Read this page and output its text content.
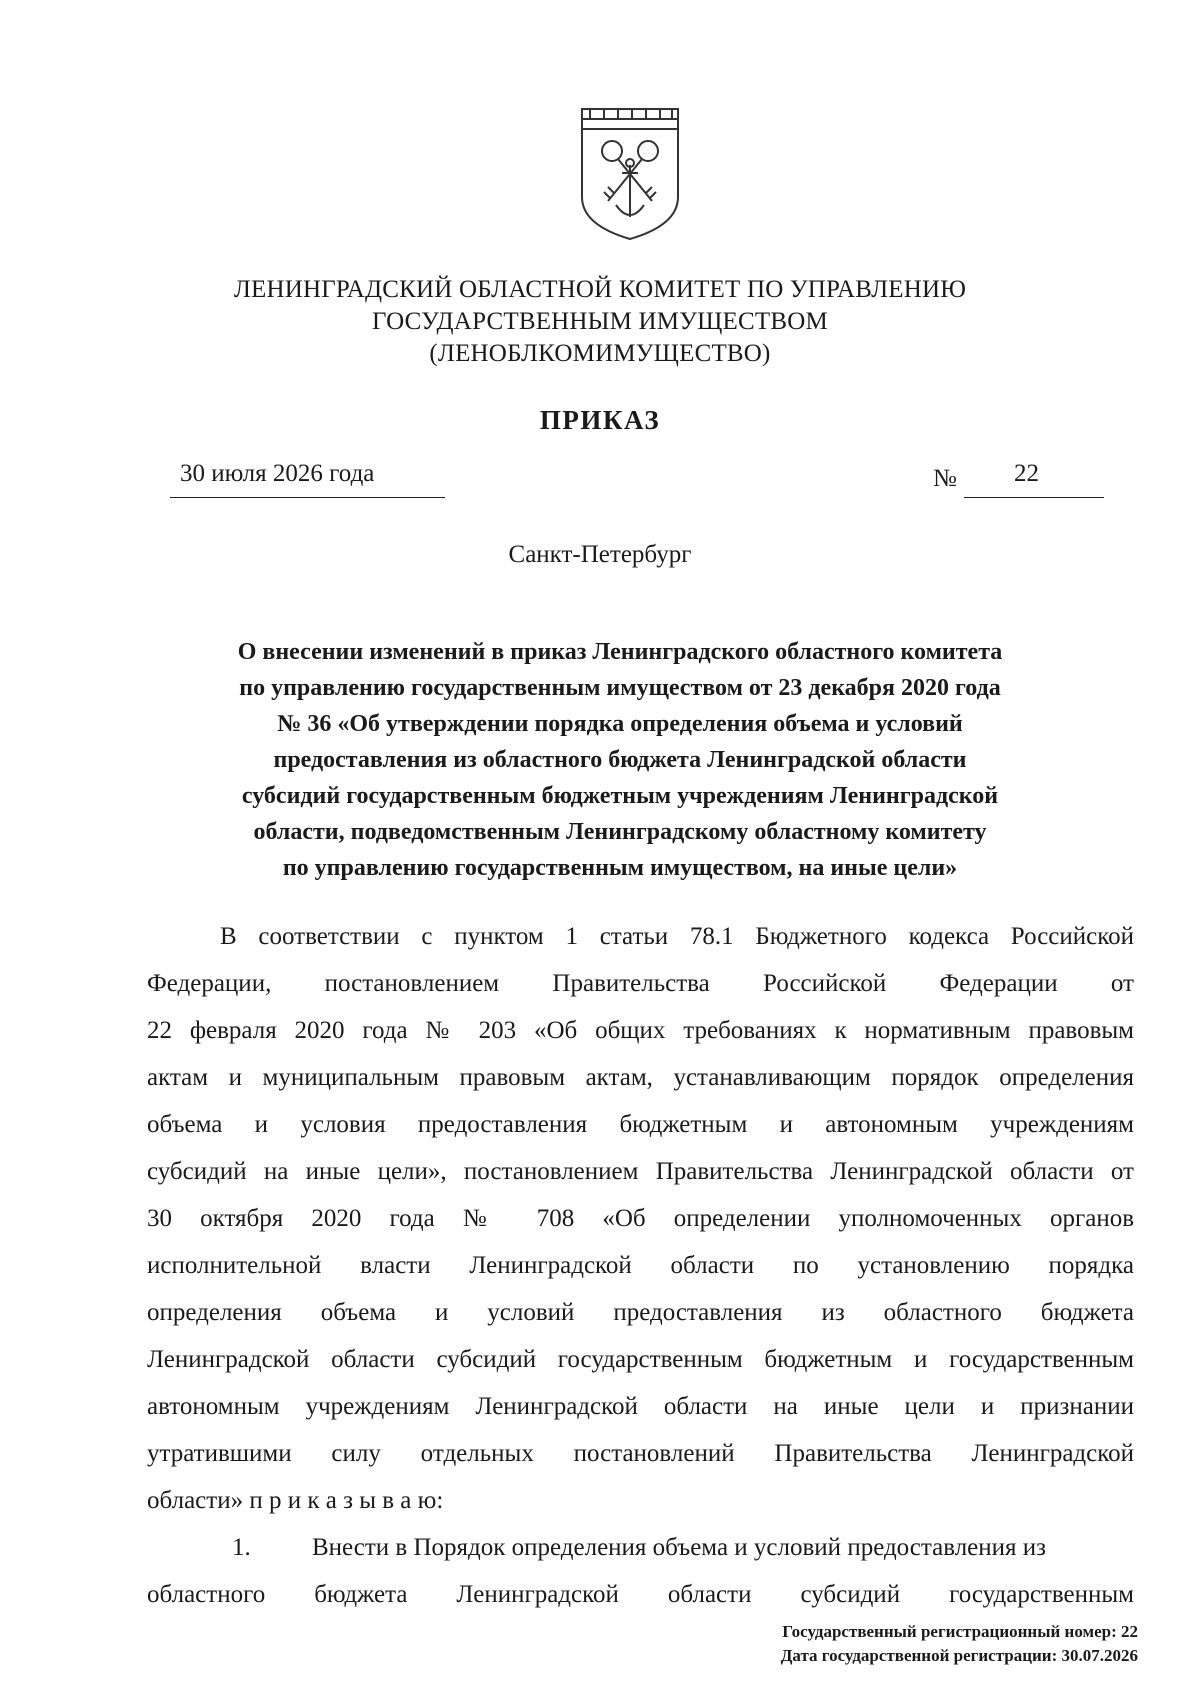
ЛЕНИНГРАДСКИЙ ОБЛАСТНОЙ КОМИТЕТ ПО УПРАВЛЕНИЮ
ГОСУДАРСТВЕННЫМ ИМУЩЕСТВОМ
(ЛЕНОБЛКОМИМУЩЕСТВО)
ПРИКАЗ
30 июля 2026 года	№ 22
Санкт-Петербург
О внесении изменений в приказ Ленинградского областного комитета
по управлению государственным имуществом от 23 декабря 2020 года
№ 36 «Об утверждении порядка определения объема и условий
предоставления из областного бюджета Ленинградской области
субсидий государственным бюджетным учреждениям Ленинградской
области, подведомственным Ленинградскому областному комитету
по управлению государственным имуществом, на иные цели»
В соответствии с пунктом 1 статьи 78.1 Бюджетного кодекса Российской
Федерации, постановлением Правительства Российской Федерации от
22 февраля 2020 года № 203 «Об общих требованиях к нормативным правовым
актам и муниципальным правовым актам, устанавливающим порядок определения
объема и условия предоставления бюджетным и автономным учреждениям
субсидий на иные цели», постановлением Правительства Ленинградской области от
30 октября 2020 года № 708 «Об определении уполномоченных органов
исполнительной власти Ленинградской области по установлению порядка
определения объема и условий предоставления из областного бюджета
Ленинградской области субсидий государственным бюджетным и государственным
автономным учреждениям Ленинградской области на иные цели и признании
утратившими силу отдельных постановлений Правительства Ленинградской
области» п р и к а з ы в а ю:
1. Внести в Порядок определения объема и условий предоставления из
областного бюджета Ленинградской области субсидий государственным
Государственный регистрационный номер: 22
Дата государственной регистрации: 30.07.2026
